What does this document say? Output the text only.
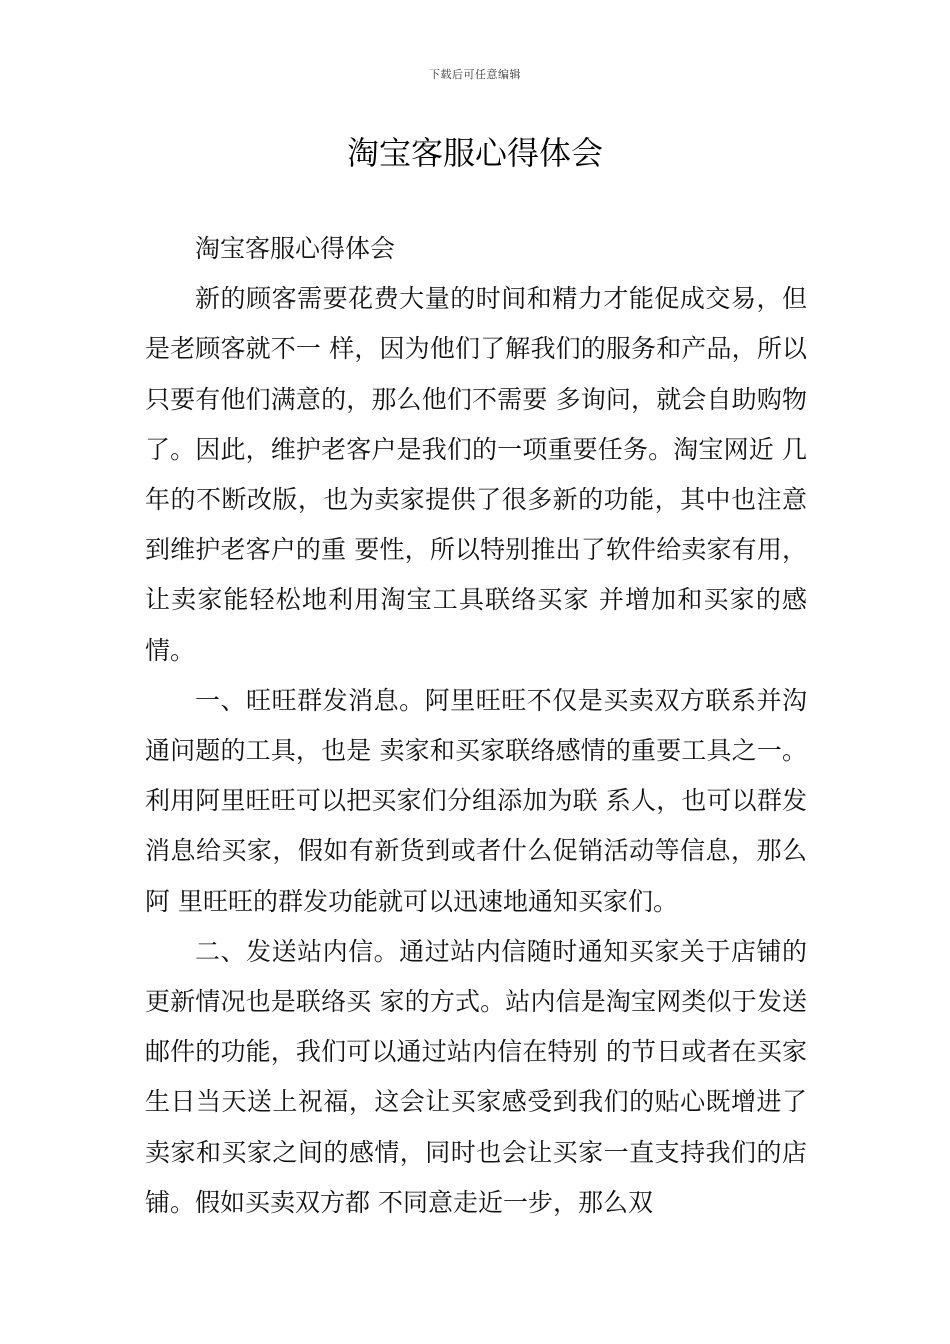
下载后可任意编辑
淘宝客服心得体会

淘宝客服心得体会

新的顾客需要花费大量的时间和精力才能促成交易，但是老顾客就不一 样，因为他们了解我们的服务和产品，所以只要有他们满意的，那么他们不需要 多询问，就会自助购物了。因此，维护老客户是我们的一项重要任务。淘宝网近 几年的不断改版，也为卖家提供了很多新的功能，其中也注意到维护老客户的重 要性，所以特别推出了软件给卖家有用，让卖家能轻松地利用淘宝工具联络买家 并增加和买家的感情。

一、旺旺群发消息。阿里旺旺不仅是买卖双方联系并沟通问题的工具，也是 卖家和买家联络感情的重要工具之一。 利用阿里旺旺可以把买家们分组添加为联 系人，也可以群发消息给买家，假如有新货到或者什么促销活动等信息，那么阿 里旺旺的群发功能就可以迅速地通知买家们。

二、发送站内信。通过站内信随时通知买家关于店铺的更新情况也是联络买 家的方式。站内信是淘宝网类似于发送邮件的功能，我们可以通过站内信在特别 的节日或者在买家生日当天送上祝福，这会让买家感受到我们的贴心既增进了 卖家和买家之间的感情，同时也会让买家一直支持我们的店铺。假如买卖双方都 不同意走近一步，那么双
